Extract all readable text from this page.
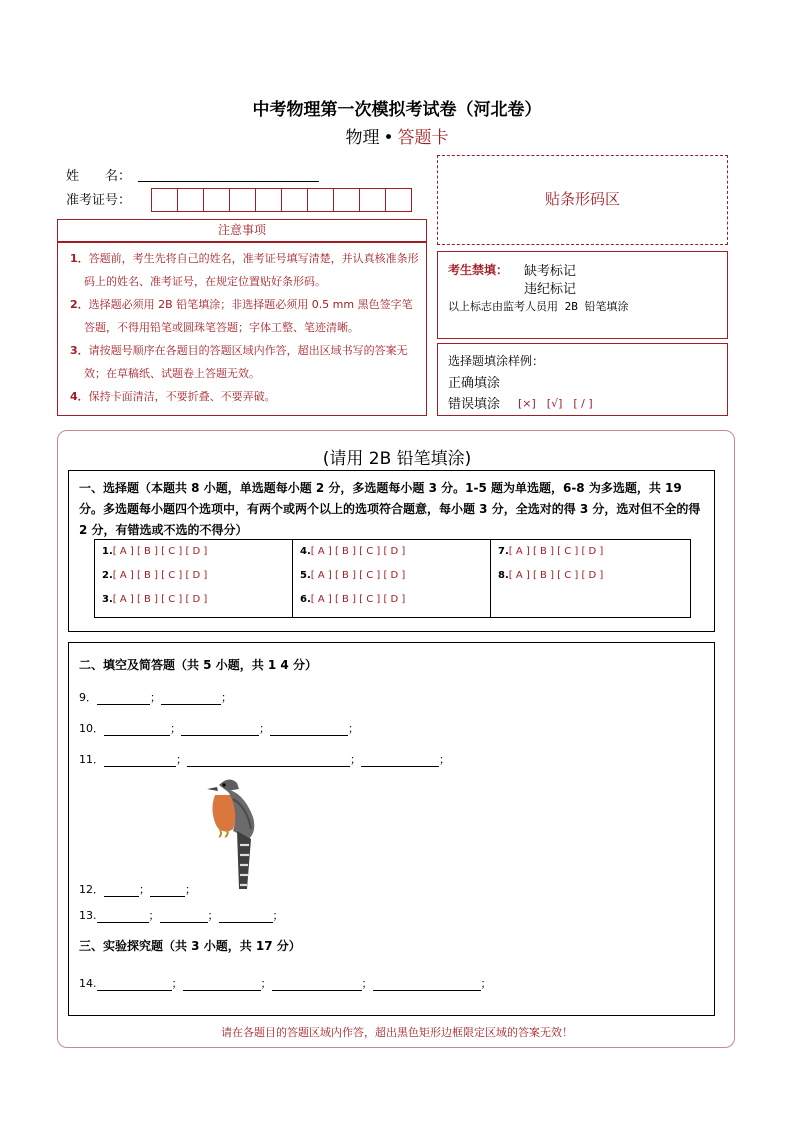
中考物理第一次模拟考试卷（河北卷）
物理 • 答题卡
姓　　名：
准考证号：	贴条形码区
注意事项
1．答题前，考生先将自己的姓名，准考证号填写清楚，并认真核准条形码上的姓名、准考证号，在规定位置贴好条形码。
2．选择题必须用 2B 铅笔填涂；非选择题必须用 0.5 mm 黑色签字笔答题，不得用铅笔或圆珠笔答题；字体工整、笔迹清晰。
3．请按题号顺序在各题目的答题区域内作答，超出区域书写的答案无效；在草稿纸、试题卷上答题无效。
4．保持卡面清洁，不要折叠、不要弄破。
考生禁填： 缺考标记
违纪标记
以上标志由监考人员用 2B 铅笔填涂
选择题填涂样例：
正确填涂
错误填涂 [×]　[√]　[ / ]
(请用 2B 铅笔填涂)
一、选择题（本题共 8 小题，单选题每小题 2 分，多选题每小题 3 分。1-5 题为单选题，6-8 为多选题，共 19 分。多选题每小题四个选项中，有两个或两个以上的选项符合题意，每小题 3 分，全选对的得 3 分，选对但不全的得 2 分，有错选或不选的不得分）
1.[ A ] [ B ] [ C ] [ D ]
2.[ A ] [ B ] [ C ] [ D ]
3.[ A ] [ B ] [ C ] [ D ]
4.[ A ] [ B ] [ C ] [ D ]
5.[ A ] [ B ] [ C ] [ D ]
6.[ A ] [ B ] [ C ] [ D ]
7.[ A ] [ B ] [ C ] [ D ]
8.[ A ] [ B ] [ C ] [ D ]
二、填空及简答题（共 5 小题，共 1 4 分）
9．	；	；
10．	；	；	；
11．	；	；	；
12．	；	；
13.	；	；	；
三、实验探究题（共 3 小题，共 17 分）
14.	；	；	；	；
请在各题目的答题区域内作答，超出黑色矩形边框限定区域的答案无效！
